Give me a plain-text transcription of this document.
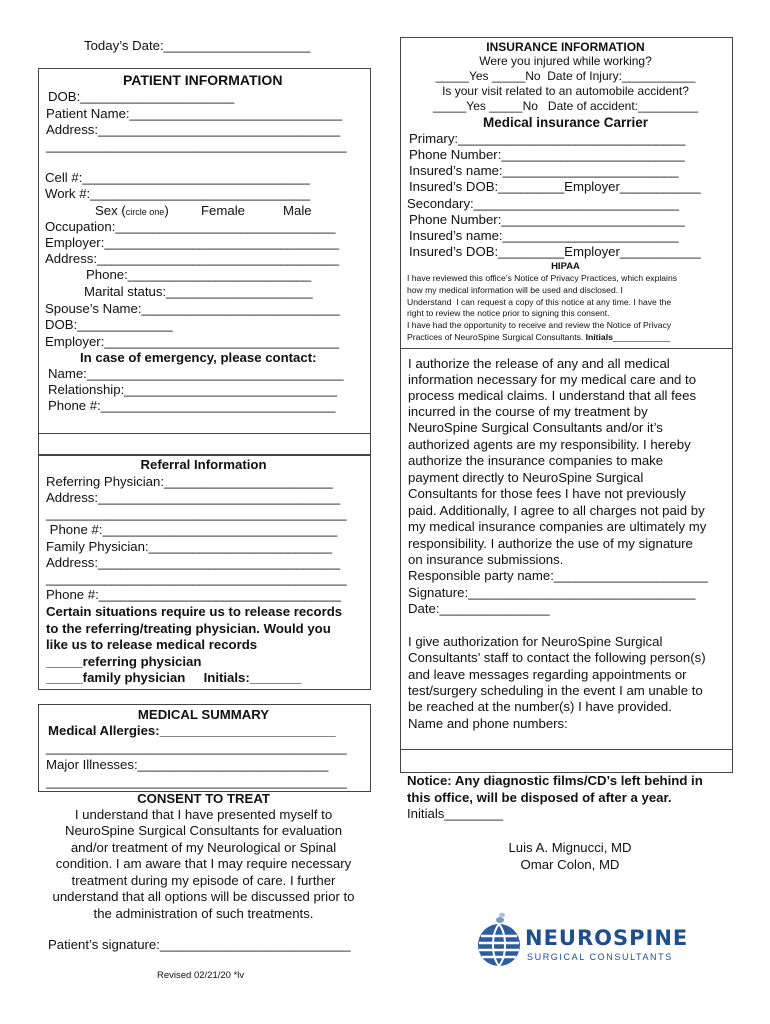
Today’s Date:____________________
PATIENT INFORMATION
DOB:_____________________
Patient Name:_____________________________
Address:_________________________________
_________________________________________
Cell #:_______________________________
Work #:______________________________
Sex (circle one) Female	Male
Occupation:______________________________
Employer:________________________________
Address:_________________________________
Phone:_________________________
Marital status:____________________
Spouse’s Name:___________________________
DOB:_____________
Employer:________________________________
In case of emergency, please contact:
Name:___________________________________
Relationship:_____________________________
Phone #:________________________________
Referral Information
Referring Physician:_______________________
Address:_________________________________
_________________________________________
Phone #:________________________________
Family Physician:_________________________
Address:_________________________________
_________________________________________
Phone #:_________________________________
Certain situations require us to release records
to the referring/treating physician. Would you
like us to release medical records
_____referring physician
_____family physician     Initials:_______
MEDICAL SUMMARY
Medical Allergies:________________________
_________________________________________
Major Illnesses:__________________________
_________________________________________
CONSENT TO TREAT
I understand that I have presented myself to
NeuroSpine Surgical Consultants for evaluation
and/or treatment of my Neurological or Spinal
condition. I am aware that I may require necessary
treatment during my episode of care. I further
understand that all options will be discussed prior to
the administration of such treatments.
Patient’s signature:__________________________
Revised 02/21/20 *lv
INSURANCE INFORMATION
Were you injured while working?
_____Yes _____No  Date of Injury:___________
Is your visit related to an automobile accident?
_____Yes _____No   Date of accident:_________
Medical insurance Carrier
Primary:_______________________________
Phone Number:_________________________
Insured’s name:________________________
Insured’s DOB:_________Employer___________
Secondary:____________________________
Phone Number:_________________________
Insured’s name:________________________
Insured’s DOB:_________Employer___________
HIPAA
I have reviewed this office’s Notice of Privacy Practices, which explains
how my medical information will be used and disclosed. I
Understand  I can request a copy of this notice at any time. I have the
right to review the notice prior to signing this consent.
I have had the opportunity to receive and review the Notice of Privacy
Practices of NeuroSpine Surgical Consultants. Initials____________
I authorize the release of any and all medical
information necessary for my medical care and to
process medical claims. I understand that all fees
incurred in the course of my treatment by
NeuroSpine Surgical Consultants and/or it’s
authorized agents are my responsibility. I hereby
authorize the insurance companies to make
payment directly to NeuroSpine Surgical
Consultants for those fees I have not previously
paid. Additionally, I agree to all charges not paid by
my medical insurance companies are ultimately my
responsibility. I authorize the use of my signature
on insurance submissions.
Responsible party name:_____________________
Signature:_______________________________
Date:_______________
I give authorization for NeuroSpine Surgical
Consultants’ staff to contact the following person(s)
and leave messages regarding appointments or
test/surgery scheduling in the event I am unable to
be reached at the number(s) I have provided.
Name and phone numbers:
Notice: Any diagnostic films/CD’s left behind in
this office, will be disposed of after a year.
Initials________
Luis A. Mignucci, MD
Omar Colon, MD
NEUROSPINE
SURGICAL CONSULTANTS
